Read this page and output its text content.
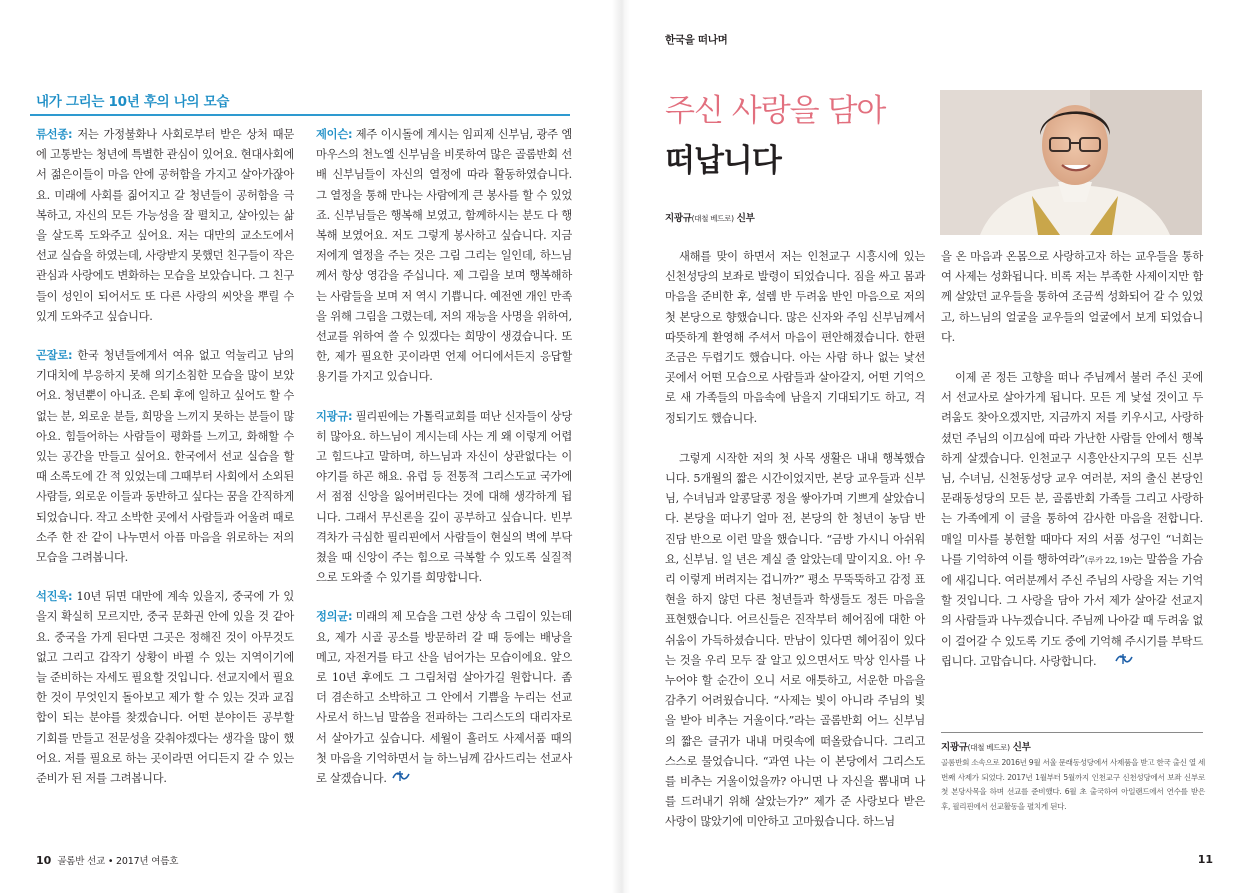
내가 그리는 10년 후의 나의 모습

류선종: 저는 가정불화나 사회로부터 받은 상처 때문에 고통받는 청년에 특별한 관심이 있어요. 현대사회에서 젊은이들이 마음 안에 공허함을 가지고 살아가잖아요. 미래에 사회를 짊어지고 갈 청년들이 공허함을 극복하고, 자신의 모든 가능성을 잘 펼치고, 살아있는 삶을 살도록 도와주고 싶어요. 저는 대만의 교소도에서 선교 실습을 하였는데, 사랑받지 못했던 친구들이 작은 관심과 사랑에도 변화하는 모습을 보았습니다. 그 친구들이 성인이 되어서도 또 다른 사랑의 씨앗을 뿌릴 수 있게 도와주고 싶습니다.

곤잘로: 한국 청년들에게서 여유 없고 억눌리고 남의 기대치에 부응하지 못해 의기소침한 모습을 많이 보았어요. 청년뿐이 아니죠. 은퇴 후에 일하고 싶어도 할 수 없는 분, 외로운 분들, 희망을 느끼지 못하는 분들이 많아요. 힘들어하는 사람들이 평화를 느끼고, 화해할 수 있는 공간을 만들고 싶어요. 한국에서 선교 실습을 할 때 소록도에 간 적 있었는데 그때부터 사회에서 소외된 사람들, 외로운 이들과 동반하고 싶다는 꿈을 간직하게 되었습니다. 작고 소박한 곳에서 사람들과 어울려 때로 소주 한 잔 같이 나누면서 아픔 마음을 위로하는 저의 모습을 그려봅니다.

석진욱: 10년 뒤면 대만에 계속 있을지, 중국에 가 있을지 확실히 모르지만, 중국 문화권 안에 있을 것 같아요. 중국을 가게 된다면 그곳은 정해진 것이 아무것도 없고 그리고 갑작기 상황이 바뀔 수 있는 지역이기에 늘 준비하는 자세도 필요할 것입니다. 선교지에서 필요한 것이 무엇인지 돌아보고 제가 할 수 있는 것과 교집합이 되는 분야를 찾겠습니다. 어떤 분야이든 공부할 기회를 만들고 전문성을 갖춰야겠다는 생각을 많이 했어요. 저를 필요로 하는 곳이라면 어디든지 갈 수 있는 준비가 된 저를 그려봅니다.

제이슨: 제주 이시돌에 계시는 임피제 신부님, 광주 엠마우스의 천노엘 신부님을 비롯하여 많은 골롬반회 선배 신부님들이 자신의 열정에 따라 활동하였습니다. 그 열정을 통해 만나는 사람에게 큰 봉사를 할 수 있었죠. 신부님들은 행복해 보였고, 함께하시는 분도 다 행복해 보였어요. 저도 그렇게 봉사하고 싶습니다. 지금 저에게 열정을 주는 것은 그림 그리는 일인데, 하느님께서 항상 영감을 주십니다. 제 그림을 보며 행복해하는 사람들을 보며 저 역시 기쁩니다. 예전엔 개인 만족을 위해 그림을 그렸는데, 저의 재능을 사명을 위하여, 선교를 위하여 쓸 수 있겠다는 희망이 생겼습니다. 또한, 제가 필요한 곳이라면 언제 어디에서든지 응답할 용기를 가지고 있습니다.

지광규: 필리핀에는 가톨릭교회를 떠난 신자들이 상당히 많아요. 하느님이 계시는데 사는 게 왜 이렇게 어렵고 힘드냐고 말하며, 하느님과 자신이 상관없다는 이야기를 하곤 해요. 유럽 등 전통적 그리스도교 국가에서 점점 신앙을 잃어버린다는 것에 대해 생각하게 됩니다. 그래서 무신론을 깊이 공부하고 싶습니다. 빈부 격차가 극심한 필리핀에서 사람들이 현실의 벽에 부닥쳤을 때 신앙이 주는 힘으로 극복할 수 있도록 실질적으로 도와줄 수 있기를 희망합니다.

정의균: 미래의 제 모습을 그런 상상 속 그림이 있는데요, 제가 시골 공소를 방문하러 갈 때 등에는 배낭을 메고, 자전거를 타고 산을 넘어가는 모습이에요. 앞으로 10년 후에도 그 그림처럼 살아가길 원합니다. 좀 더 겸손하고 소박하고 그 안에서 기쁨을 누리는 선교사로서 하느님 말씀을 전파하는 그리스도의 대리자로서 살아가고 싶습니다. 세월이 흘러도 사제서품 때의 첫 마음을 기억하면서 늘 하느님께 감사드리는 선교사로 살겠습니다.

10 골롬반 선교 • 2017년 여름호
한국을 떠나며
주신 사랑을 담아
떠납니다
지광규(대철 베드로) 신부

새해를 맞이 하면서 저는 인천교구 시흥시에 있는 신천성당의 보좌로 발령이 되었습니다. 짐을 싸고 몸과 마음을 준비한 후, 설렘 반 두려움 반인 마음으로 저의 첫 본당으로 향했습니다. 많은 신자와 주임 신부님께서 따뜻하게 환영해 주셔서 마음이 편안해졌습니다. 한편 조금은 두렵기도 했습니다. 아는 사람 하나 없는 낯선 곳에서 어떤 모습으로 사람들과 살아갈지, 어떤 기억으로 새 가족들의 마음속에 남을지 기대되기도 하고, 걱정되기도 했습니다.

그렇게 시작한 저의 첫 사목 생활은 내내 행복했습니다. 5개월의 짧은 시간이었지만, 본당 교우들과 신부님, 수녀님과 알콩달콩 정을 쌓아가며 기쁘게 살았습니다. 본당을 떠나기 얼마 전, 본당의 한 청년이 농담 반 진담 반으로 이런 말을 했습니다. “금방 가시니 아쉬워요, 신부님. 일 년은 계실 줄 알았는데 말이지요. 아! 우리 이렇게 버려지는 겁니까?” 평소 무뚝뚝하고 감정 표현을 하지 않던 다른 청년들과 학생들도 정든 마음을 표현했습니다. 어르신들은 진작부터 헤어짐에 대한 아쉬움이 가득하셨습니다. 만남이 있다면 헤어짐이 있다는 것을 우리 모두 잘 알고 있으면서도 막상 인사를 나누어야 할 순간이 오니 서로 애틋하고, 서운한 마음을 감추기 어려웠습니다. “사제는 빛이 아니라 주님의 빛을 받아 비추는 거울이다.”라는 골롬반회 어느 신부님의 짧은 글귀가 내내 머릿속에 떠올랐습니다. 그리고 스스로 물었습니다. “과연 나는 이 본당에서 그리스도를 비추는 거울이었을까? 아니면 나 자신을 뽐내며 나를 드러내기 위해 살았는가?” 제가 준 사랑보다 받은 사랑이 많았기에 미안하고 고마웠습니다. 하느님

을 온 마음과 온몸으로 사랑하고자 하는 교우들을 통하여 사제는 성화됩니다. 비록 저는 부족한 사제이지만 함께 살았던 교우들을 통하여 조금씩 성화되어 갈 수 있었고, 하느님의 얼굴을 교우들의 얼굴에서 보게 되었습니다.

이제 곧 정든 고향을 떠나 주님께서 불러 주신 곳에서 선교사로 살아가게 됩니다. 모든 게 낯설 것이고 두려움도 찾아오겠지만, 지금까지 저를 키우시고, 사랑하셨던 주님의 이끄심에 따라 가난한 사람들 안에서 행복하게 살겠습니다. 인천교구 시흥안산지구의 모든 신부님, 수녀님, 신천동성당 교우 여러분, 저의 출신 본당인 문래동성당의 모든 분, 골롬반회 가족들 그리고 사랑하는 가족에게 이 글을 통하여 감사한 마음을 전합니다. 매일 미사를 봉헌할 때마다 저의 서품 성구인 “너희는 나를 기억하여 이를 행하여라”(루카 22, 19)는 말씀을 가슴에 새깁니다. 여러분께서 주신 주님의 사랑을 저는 기억할 것입니다. 그 사랑을 담아 가서 제가 살아갈 선교지의 사람들과 나누겠습니다. 주님께 나아갈 때 두려움 없이 걸어갈 수 있도록 기도 중에 기억해 주시기를 부탁드립니다. 고맙습니다. 사랑합니다.

지광규(대철 베드로) 신부
골롬반회 소속으로 2016년 9월 서울 문래동성당에서 사제품을 받고 한국 출신 열 세 번째 사제가 되었다. 2017년 1월부터 5월까지 인천교구 신천성당에서 보좌 신부로 첫 본당사목을 하며 선교를 준비했다. 6월 초 출국하여 아일랜드에서 연수를 받은 후, 필리핀에서 선교활동을 펼치게 된다.
11
